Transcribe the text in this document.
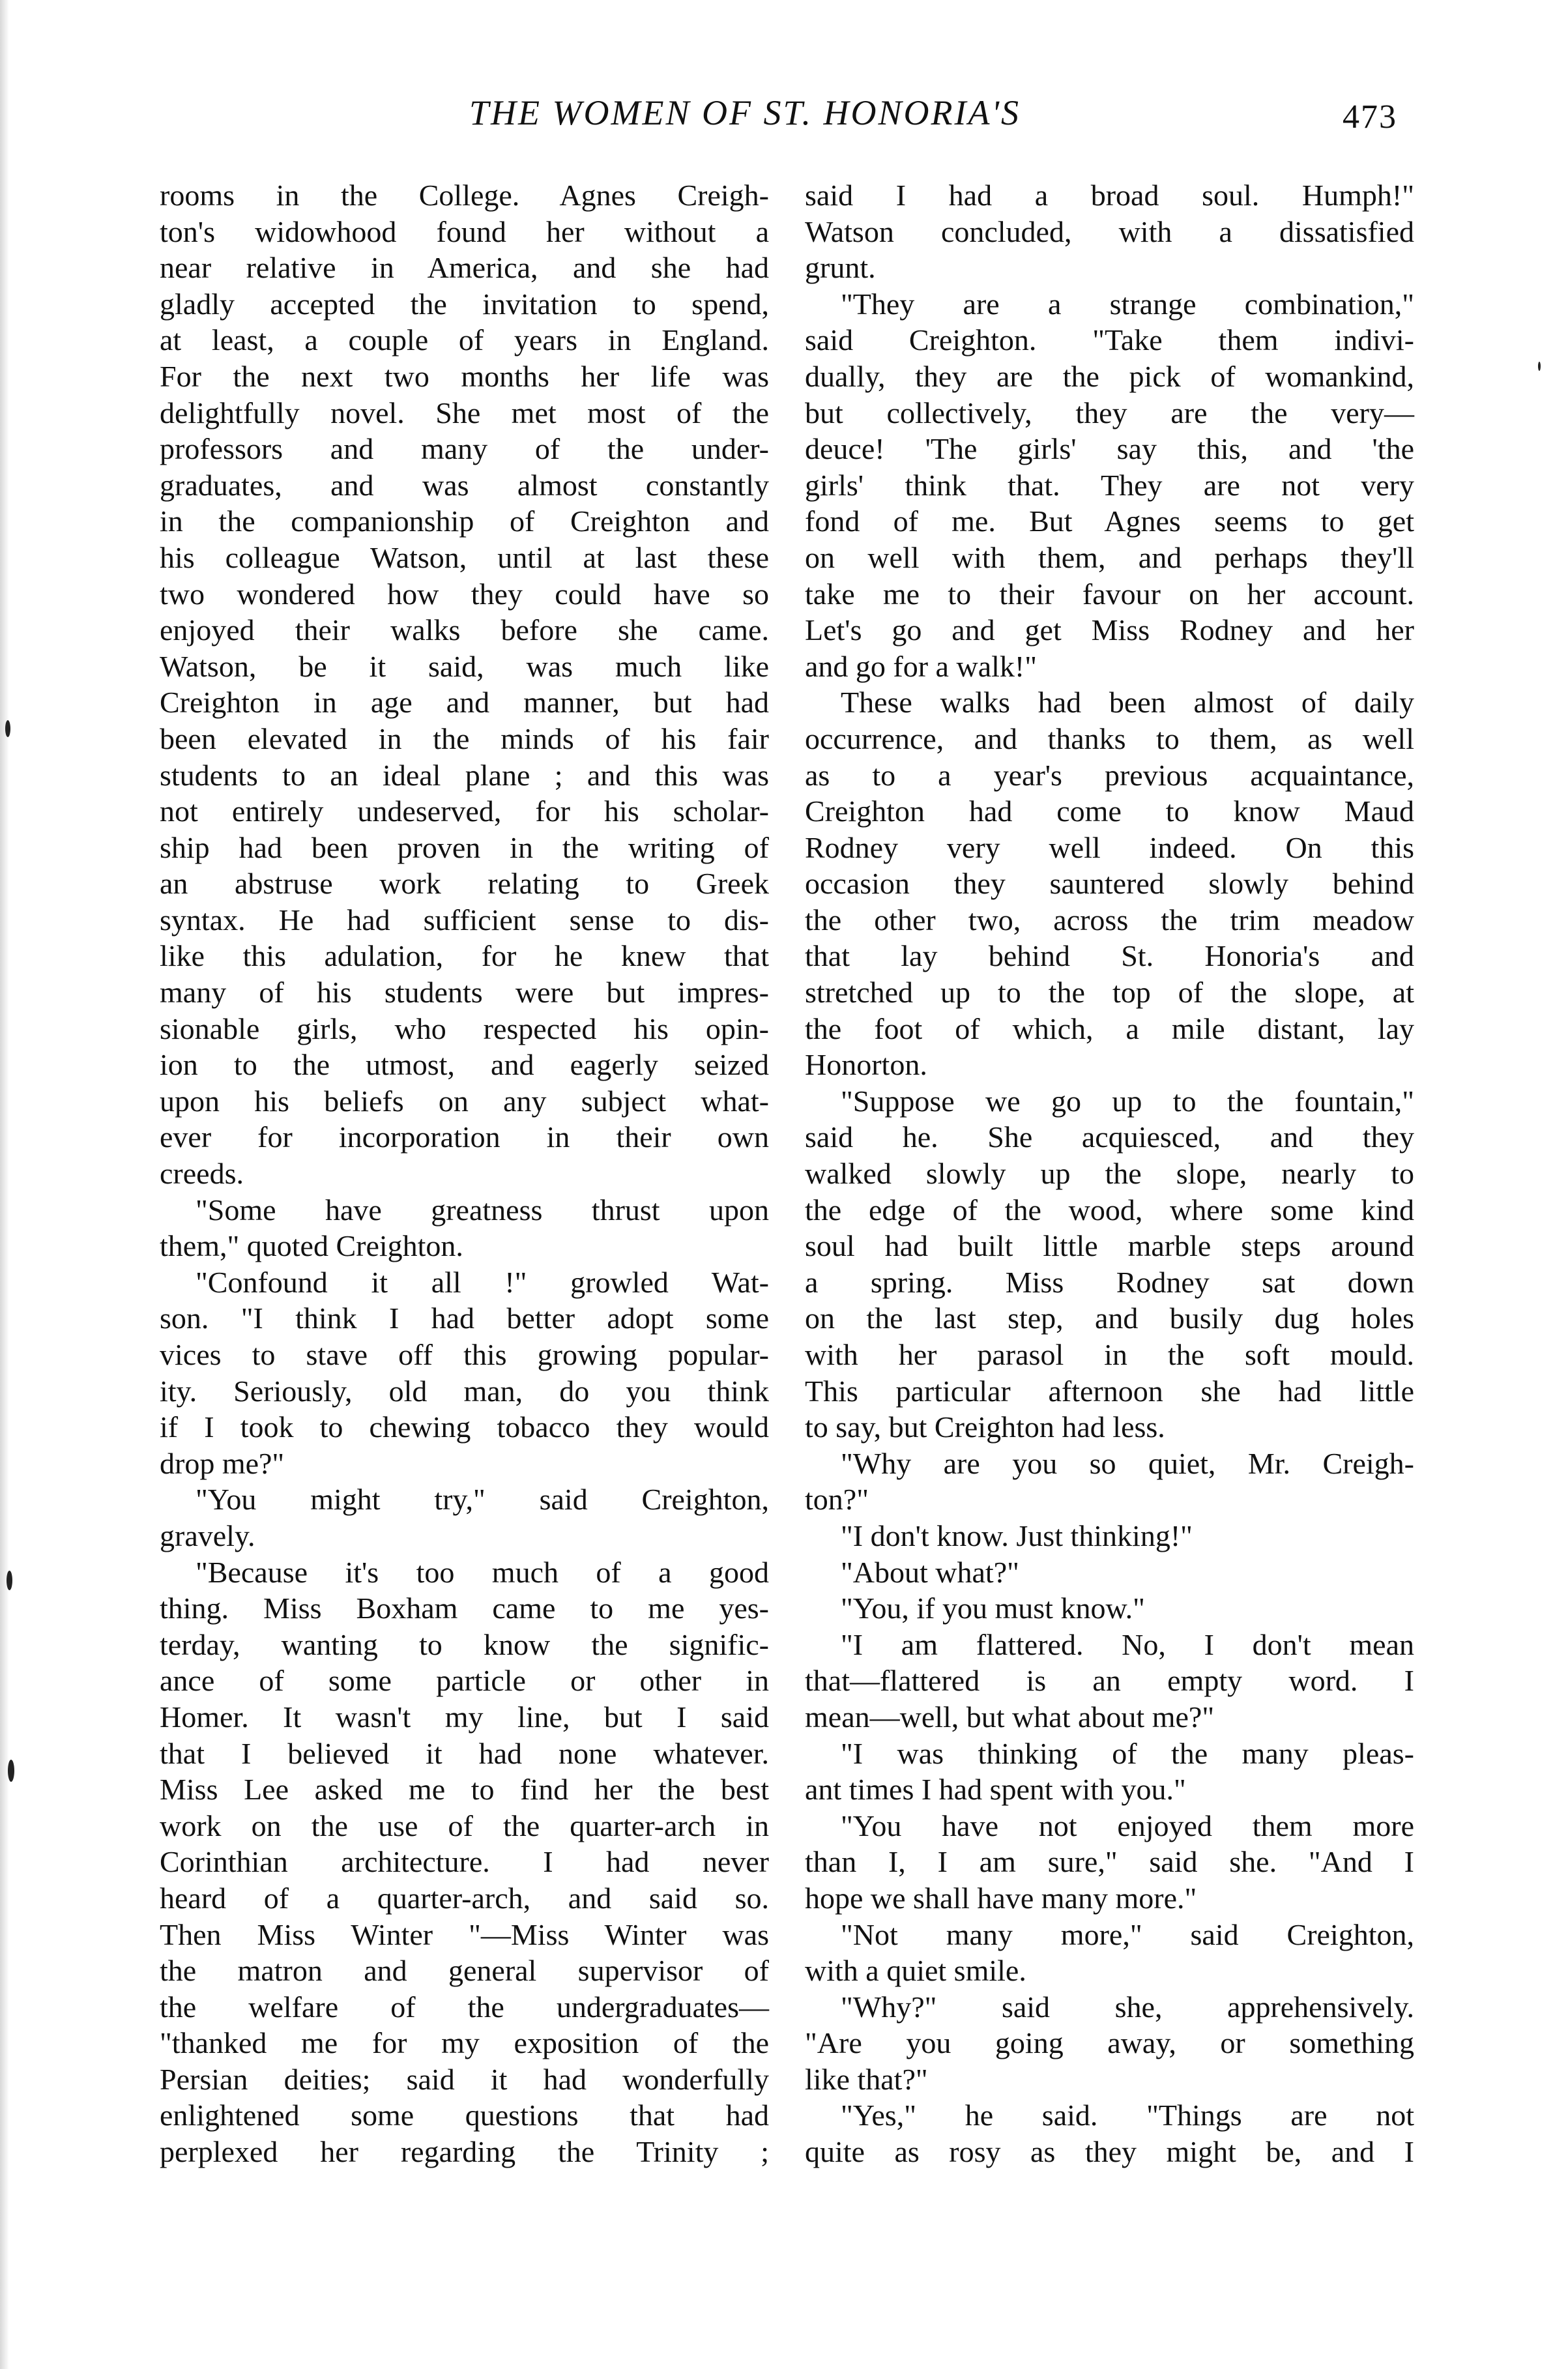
THE WOMEN OF ST. HONORIA'S	473
rooms in the College. Agnes Creigh-
ton's widowhood found her without a
near relative in America, and she had
gladly accepted the invitation to spend,
at least, a couple of years in England.
For the next two months her life was
delightfully novel. She met most of the
professors and many of the under-
graduates, and was almost constantly
in the companionship of Creighton and
his colleague Watson, until at last these
two wondered how they could have so
enjoyed their walks before she came.
Watson, be it said, was much like
Creighton in age and manner, but had
been elevated in the minds of his fair
students to an ideal plane ; and this was
not entirely undeserved, for his scholar-
ship had been proven in the writing of
an abstruse work relating to Greek
syntax. He had sufficient sense to dis-
like this adulation, for he knew that
many of his students were but impres-
sionable girls, who respected his opin-
ion to the utmost, and eagerly seized
upon his beliefs on any subject what-
ever for incorporation in their own
creeds.
"Some have greatness thrust upon
them," quoted Creighton.
"Confound it all !" growled Wat-
son. "I think I had better adopt some
vices to stave off this growing popular-
ity. Seriously, old man, do you think
if I took to chewing tobacco they would
drop me?"
"You might try," said Creighton,
gravely.
"Because it's too much of a good
thing. Miss Boxham came to me yes-
terday, wanting to know the signific-
ance of some particle or other in
Homer. It wasn't my line, but I said
that I believed it had none whatever.
Miss Lee asked me to find her the best
work on the use of the quarter-arch in
Corinthian architecture. I had never
heard of a quarter-arch, and said so.
Then Miss Winter "—Miss Winter was
the matron and general supervisor of
the welfare of the undergraduates—
"thanked me for my exposition of the
Persian deities; said it had wonderfully
enlightened some questions that had
perplexed her regarding the Trinity ;
said I had a broad soul. Humph!"
Watson concluded, with a dissatisfied
grunt.
"They are a strange combination,"
said Creighton. "Take them indivi-
dually, they are the pick of womankind,
but collectively, they are the very—
deuce! 'The girls' say this, and 'the
girls' think that. They are not very
fond of me. But Agnes seems to get
on well with them, and perhaps they'll
take me to their favour on her account.
Let's go and get Miss Rodney and her
and go for a walk!"
These walks had been almost of daily
occurrence, and thanks to them, as well
as to a year's previous acquaintance,
Creighton had come to know Maud
Rodney very well indeed. On this
occasion they sauntered slowly behind
the other two, across the trim meadow
that lay behind St. Honoria's and
stretched up to the top of the slope, at
the foot of which, a mile distant, lay
Honorton.
"Suppose we go up to the fountain,"
said he. She acquiesced, and they
walked slowly up the slope, nearly to
the edge of the wood, where some kind
soul had built little marble steps around
a spring. Miss Rodney sat down
on the last step, and busily dug holes
with her parasol in the soft mould.
This particular afternoon she had little
to say, but Creighton had less.
"Why are you so quiet, Mr. Creigh-
ton?"
"I don't know. Just thinking!"
"About what?"
"You, if you must know."
"I am flattered. No, I don't mean
that—flattered is an empty word. I
mean—well, but what about me?"
"I was thinking of the many pleas-
ant times I had spent with you."
"You have not enjoyed them more
than I, I am sure," said she. "And I
hope we shall have many more."
"Not many more," said Creighton,
with a quiet smile.
"Why?" said she, apprehensively.
"Are you going away, or something
like that?"
"Yes," he said. "Things are not
quite as rosy as they might be, and I
